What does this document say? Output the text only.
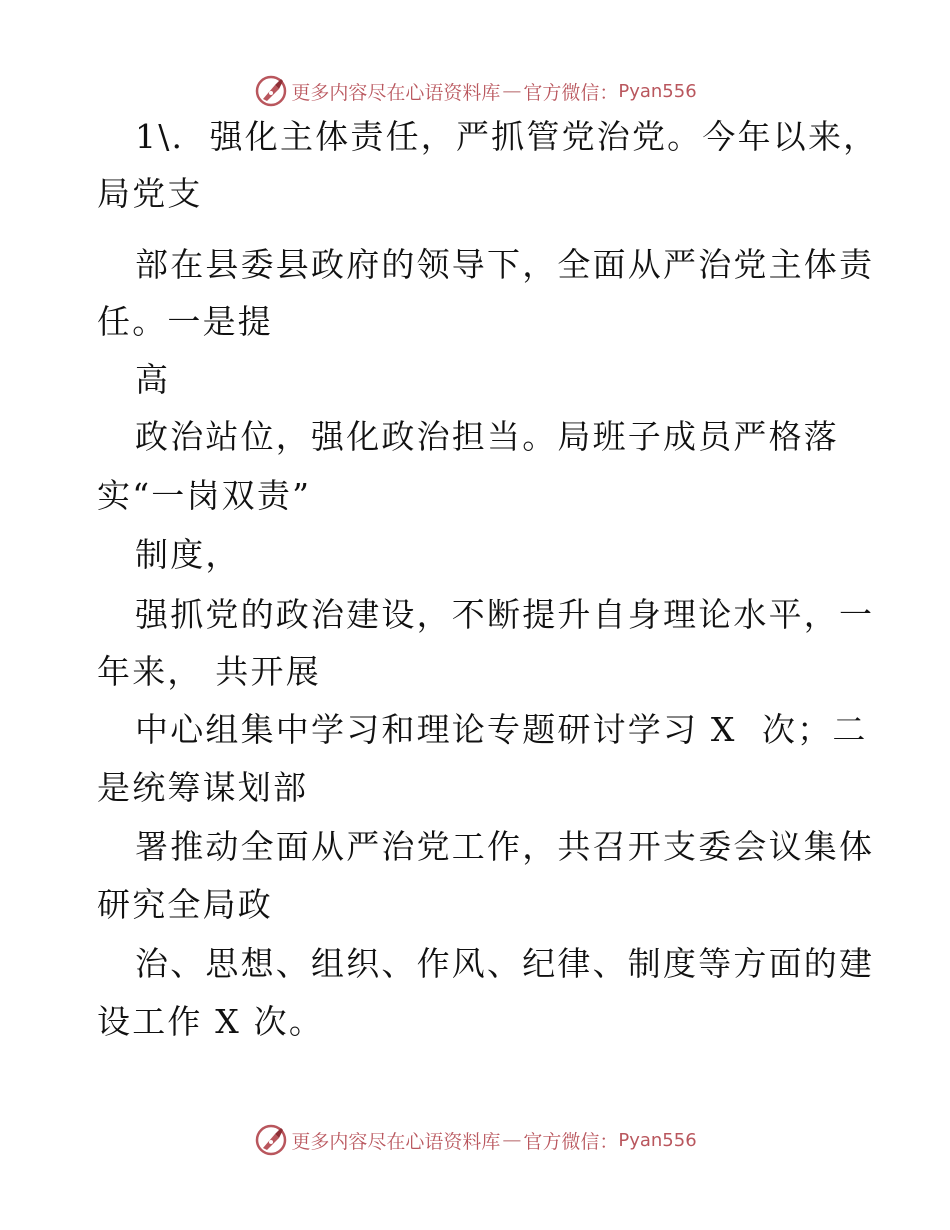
更多内容尽在心语资料库 — 官方微信： Pyan556
1\.  强化主体责任，严抓管党治党。今年以来，
局党支
部在县委县政府的领导下，全面从严治党主体责
任。一是提
高
政治站位，强化政治担当。局班子成员严格落
实“一岗双责”
制度，
强抓党的政治建设，不断提升自身理论水平，一
年来， 共开展
中心组集中学习和理论专题研讨学习 X  次；二
是统筹谋划部
署推动全面从严治党工作，共召开支委会议集体
研究全局政
治、思想、组织、作风、纪律、制度等方面的建
设工作 X 次。
更多内容尽在心语资料库 — 官方微信： Pyan556
